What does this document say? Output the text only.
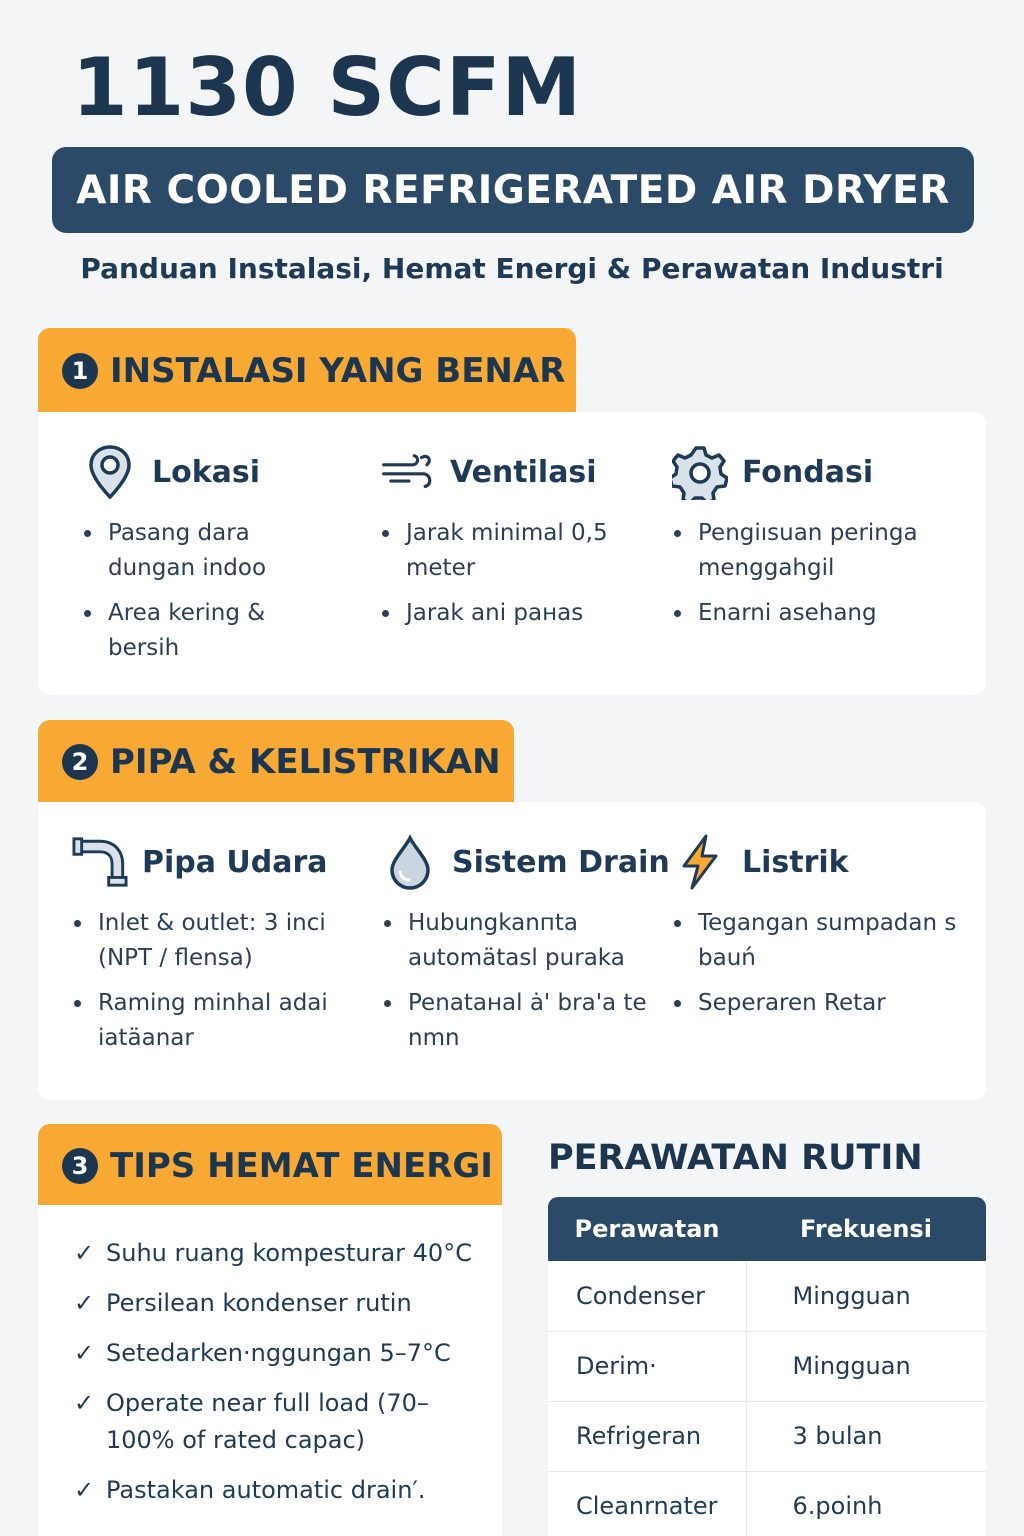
1130 SCFM
AIR COOLED REFRIGERATED AIR DRYER
Panduan Instalasi, Hemat Energi & Perawatan Industri
1 INSTALASI YANG BENAR
Lokasi
Pasang dara dungan indoo
Area kering & bersih
Ventilasi
Jarak minimal 0,5 meter
Jarak ani ранas
Fondasi
Pengiısuan peringa menggahgil
Enarni asehang
2 PIPA & KELISTRIKAN
Pipa Udara
Inlet & outlet: 3 inci (NPT / flensa)
Raming minhal adai iatäanar
Sistem Drain
Hubungkanпta automätasl puraka
Penataнal ȧ' bra'a te nmn
Listrik
Tegangan sumpadan s bauń
Seperaren Retar
3 TIPS HEMAT ENERGI
✓ Suhu ruang kompesturar 40°C
✓ Persilean kondenser rutin
✓ Setedarken·nggungan 5–7°C
✓ Operate near full load (70–100% of rated capac)
✓ Pastakan automatic drain′.
PERAWATAN RUTIN
Perawatan	Frekuensi
Condenser	Mingguan
Derim·	Mingguan
Refrigeran	3 bulan
Cleanrnater	6.poinh
